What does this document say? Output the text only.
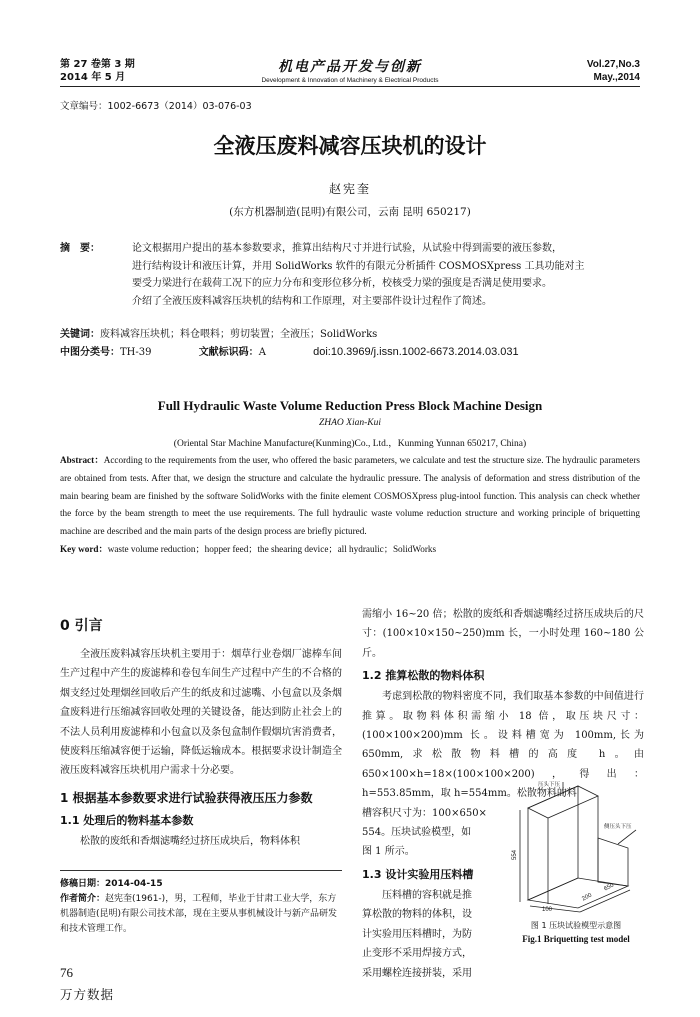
第 27 卷第 3 期
2014 年 5 月
机电产品开发与创新
Development & Innovation of Machinery & Electrical Products
Vol.27,No.3
May.,2014
文章编号：1002-6673（2014）03-076-03
全液压废料减容压块机的设计
赵宪奎
(东方机器制造(昆明)有限公司，云南 昆明 650217)
摘　要：	论文根据用户提出的基本参数要求，推算出结构尺寸并进行试验，从试验中得到需要的液压参数，
进行结构设计和液压计算，并用 SolidWorks 软件的有限元分析插件 COSMOSXpress 工具功能对主
要受力梁进行在载荷工况下的应力分布和变形位移分析，校核受力梁的强度是否满足使用要求。
介绍了全液压废料减容压块机的结构和工作原理，对主要部件设计过程作了简述。
关键词：废料减容压块机；料仓喂料；剪切装置；全液压；SolidWorks
中图分类号：TH-39	文献标识码：A	doi:10.3969/j.issn.1002-6673.2014.03.031
Full Hydraulic Waste Volume Reduction Press Block Machine Design
ZHAO Xian-Kui
(Oriental Star Machine Manufacture(Kunming)Co., Ltd.，Kunming Yunnan 650217, China)
Abstract：According to the requirements from the user, who offered the basic parameters, we calculate and test the structure size. The hydraulic parameters are obtained from tests. After that, we design the structure and calculate the hydraulic pressure. The analysis of deformation and stress distribution of the main bearing beam are finished by the software SolidWorks with the finite element COSMOSXpress plug-intool function. This analysis can check whether the force by the beam strength to meet the use requirements. The full hydraulic waste volume reduction structure and working principle of briquetting machine are described and the main parts of the design process are briefly pictured.
Key word：waste volume reduction；hopper feed；the shearing device；all hydraulic；SolidWorks
0 引言
全液压废料减容压块机主要用于：烟草行业卷烟厂滤棒车间生产过程中产生的废滤棒和卷包车间生产过程中产生的不合格的烟支经过处理烟丝回收后产生的纸皮和过滤嘴、小包盒以及条烟盒废料进行压缩减容回收处理的关键设备，能达到防止社会上的不法人员利用废滤棒和小包盒以及条包盒制作假烟坑害消费者，使废料压缩减容便于运输，降低运输成本。根据要求设计制造全液压废料减容压块机用户需求十分必要。
1 根据基本参数要求进行试验获得液压压力参数
1.1 处理后的物料基本参数
松散的废纸和香烟滤嘴经过挤压成块后，物料体积
修稿日期：2014-04-15
作者简介：赵宪奎(1961-)，男，工程师，毕业于甘肃工业大学，东方机器制造(昆明)有限公司技术部，现在主要从事机械设计与新产品研发和技术管理工作。
需缩小 16~20 倍；松散的废纸和香烟滤嘴经过挤压成块后的尺寸：(100×10×150~250)mm 长，一小时处理 160~180 公斤。
1.2 推算松散的物料体积
考虑到松散的物料密度不同，我们取基本参数的中间值进行推算。取物料体积需缩小 18 倍，取压块尺寸：(100×100×200)mm 长。设料槽宽为 100mm,长为 650mm,求松散物料槽的高度 h。由 650×100×h=18×(100×100×200)，得出：h=553.85mm，取 h=554mm。松散物料的料
槽容积尺寸为：100×650×
554。压块试验模型，如
图 1 所示。
1.3 设计实验用压料槽
压料槽的容积就是推
算松散的物料的体积，设
计实验用压料槽时，为防
止变形不采用焊接方式，
采用螺栓连接拼装，采用
压头下压
侧压头下压
554
100
200
650
图 1 压块试验模型示意图
Fig.1 Briquetting test model
76
万方数据
